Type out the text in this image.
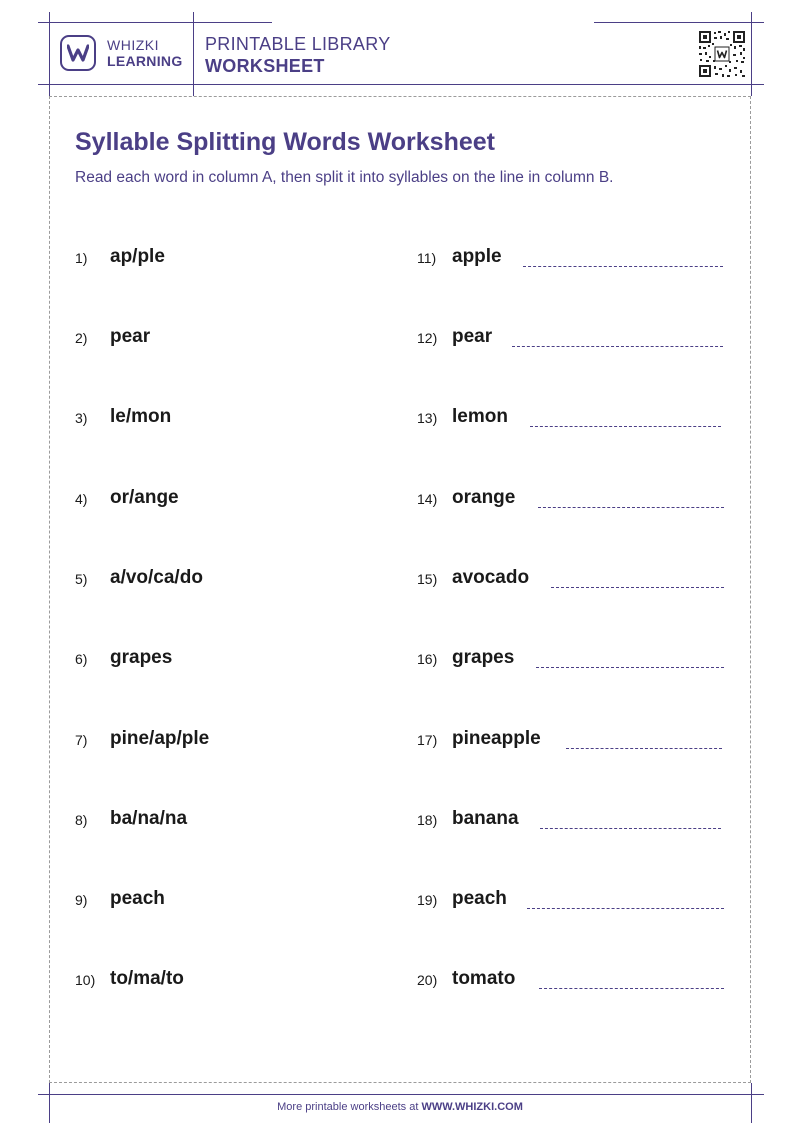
WHIZKI
LEARNING
PRINTABLE LIBRARY
WORKSHEET
Syllable Splitting Words Worksheet
Read each word in column A, then split it into syllables on the line in column B.
1) ap/ple
2) pear
3) le/mon
4) or/ange
5) a/vo/ca/do
6) grapes
7) pine/ap/ple
8) ba/na/na
9) peach
10) to/ma/to
11) apple
12) pear
13) lemon
14) orange
15) avocado
16) grapes
17) pineapple
18) banana
19) peach
20) tomato
More printable worksheets at WWW.WHIZKI.COM
